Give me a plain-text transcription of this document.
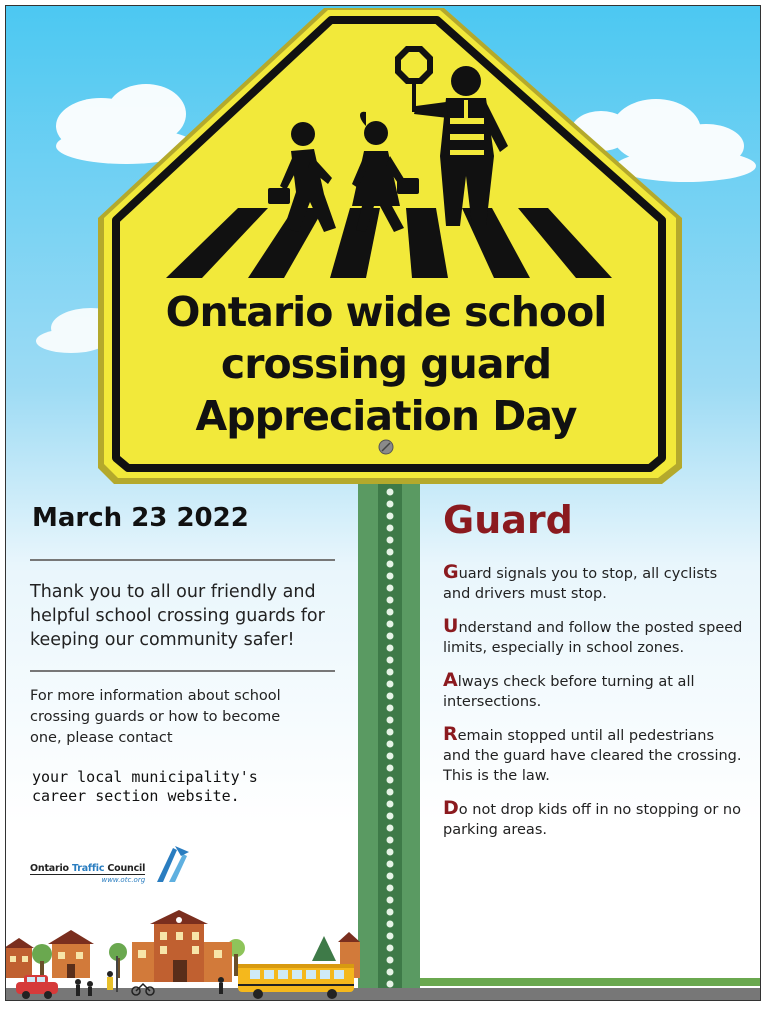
Ontario wide school
crossing guard
Appreciation Day
March 23 2022
Thank you to all our friendly and helpful school crossing guards for keeping our community safer!
For more information about school crossing guards or how to become one, please contact
your local municipality's career section website.
Ontario Traffic Council
www.otc.org
Guard
Guard signals you to stop, all cyclists and drivers must stop.
Understand and follow the posted speed limits, especially in school zones.
Always check before turning at all intersections.
Remain stopped until all pedestrians and the guard have cleared the crossing. This is the law.
Do not drop kids off in no stopping or no parking areas.
